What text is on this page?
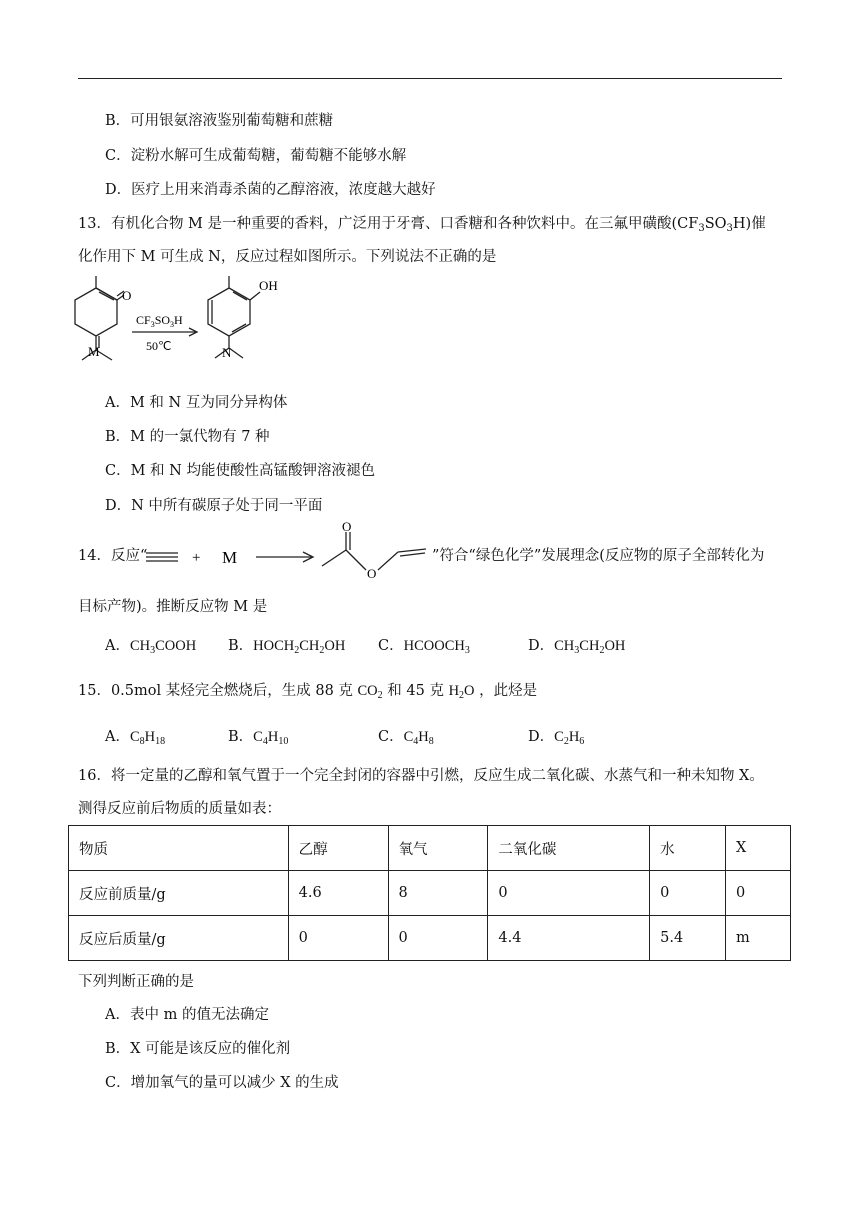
B．可用银氨溶液鉴别葡萄糖和蔗糖
C．淀粉水解可生成葡萄糖，葡萄糖不能够水解
D．医疗上用来消毒杀菌的乙醇溶液，浓度越大越好
13．有机化合物 M 是一种重要的香料，广泛用于牙膏、口香糖和各种饮料中。在三氟甲磺酸$(CF_3SO_3H)$催
化作用下 M 可生成 N，反应过程如图所示。下列说法不正确的是
O
$CF_3SO_3H$
50℃
OH
M	N
A．M 和 N 互为同分异构体
B．M 的一氯代物有 7 种
C．M 和 N 均能使酸性高锰酸钾溶液褪色
D．N 中所有碳原子处于同一平面
14．反应“	+ M
O
O
”符合“绿色化学”发展理念(反应物的原子全部转化为
目标产物)。推断反应物 M 是
A．$CH_3COOH$ B．$HOCH_2CH_2OH$ C．$HCOOCH_3$	D．$CH_3CH_2OH$
15．0.5mol 某烃完全燃烧后，生成 88 克 $CO_2$ 和 45 克 $H_2O$ ，此烃是
A．$C_8H_{18}$	B．$C_4H_{10}$	C．$C_4H_8$	D．$C_2H_6$
16．将一定量的乙醇和氧气置于一个完全封闭的容器中引燃，反应生成二氧化碳、水蒸气和一种未知物 X。
测得反应前后物质的质量如表：
物质	乙醇	氧气	二氧化碳	水	X
反应前质量/g	4.6	8	0	0	0
反应后质量/g	0	0	4.4	5.4	m
下列判断正确的是
A．表中 m 的值无法确定
B．X 可能是该反应的催化剂
C．增加氧气的量可以减少 X 的生成
